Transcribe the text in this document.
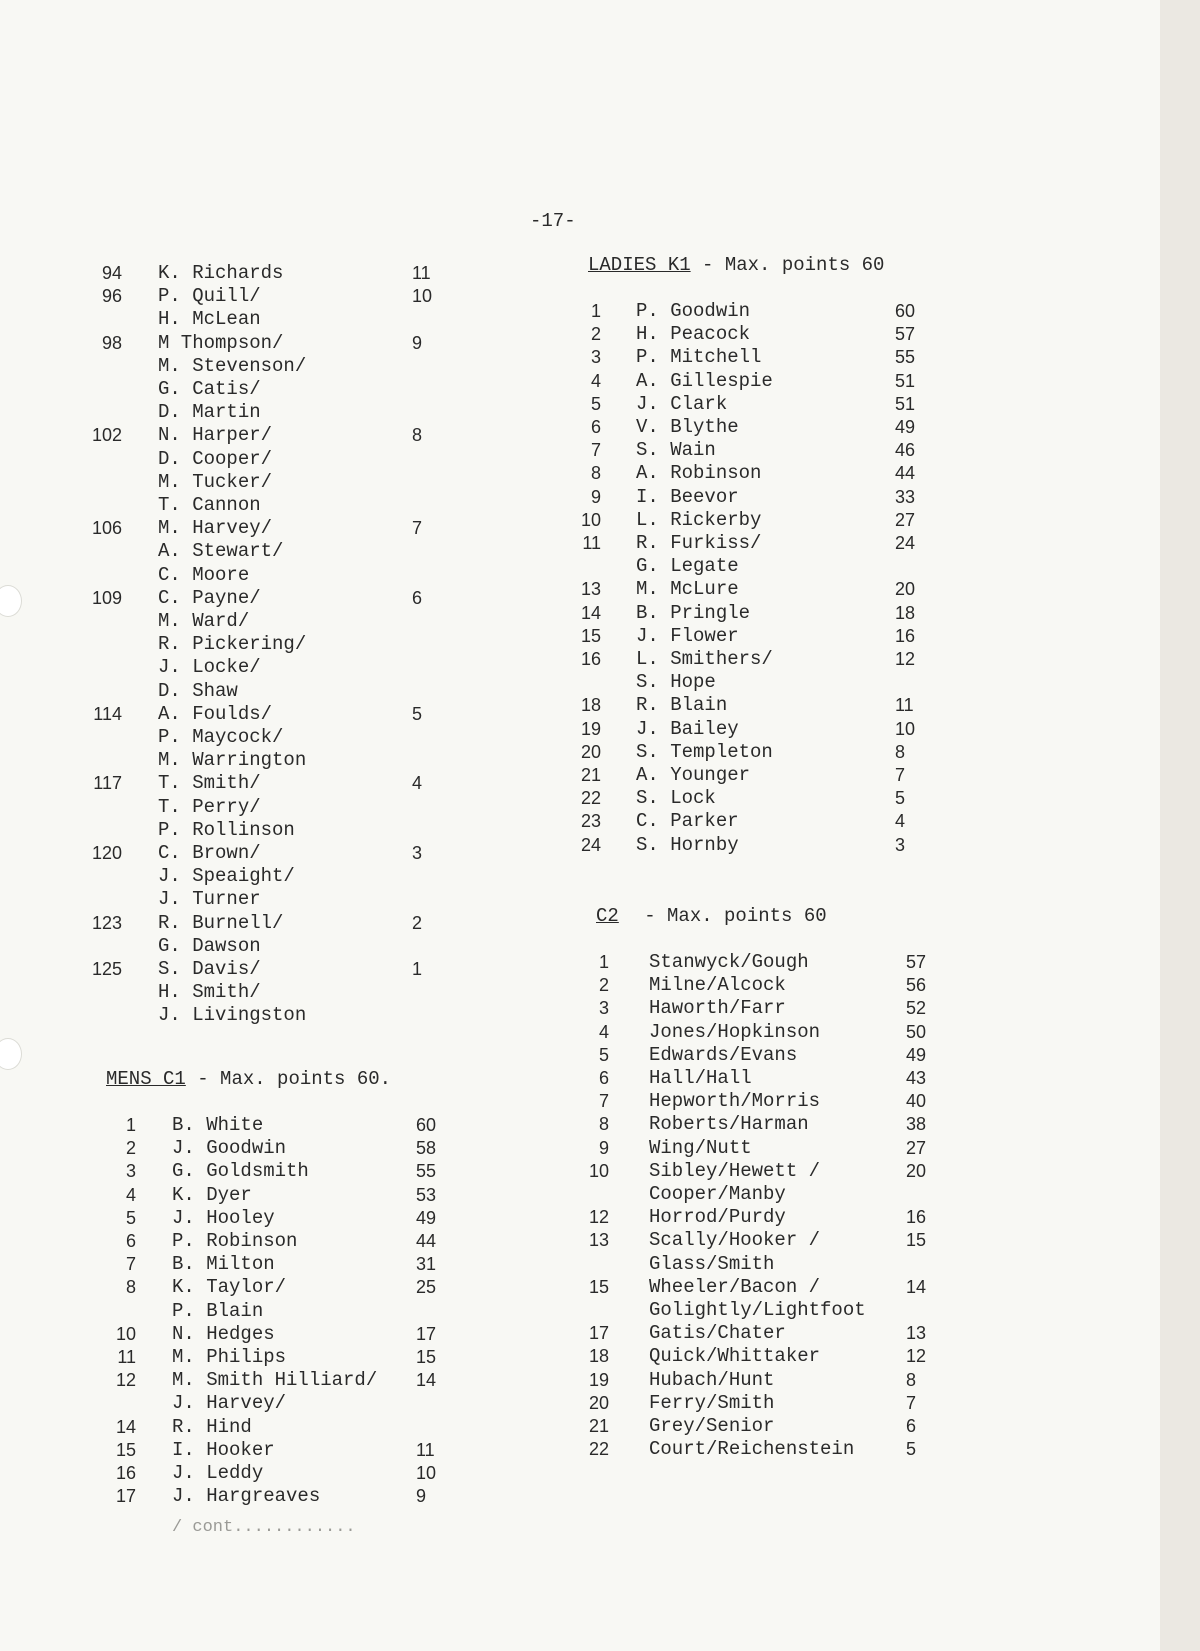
-17-
94 K. Richards	11
96 P. Quill/	10
H. McLean
98 M Thompson/	9
M. Stevenson/
G. Catis/
D. Martin
102 N. Harper/	8
D. Cooper/
M. Tucker/
T. Cannon
106 M. Harvey/	7
A. Stewart/
C. Moore
109 C. Payne/	6
M. Ward/
R. Pickering/
J. Locke/
D. Shaw
114 A. Foulds/	5
P. Maycock/
M. Warrington
117 T. Smith/	4
T. Perry/
P. Rollinson
120 C. Brown/	3
J. Speaight/
J. Turner
123 R. Burnell/	2
G. Dawson
125 S. Davis/	1
H. Smith/
J. Livingston
MENS C1 - Max. points 60.
1 B. White	60
2 J. Goodwin	58
3 G. Goldsmith	55
4 K. Dyer	53
5 J. Hooley	49
6 P. Robinson	44
7 B. Milton	31
8 K. Taylor/	25
P. Blain
10 N. Hedges	17
11 M. Philips	15
12 M. Smith Hilliard/ 14
J. Harvey/
14 R. Hind
15 I. Hooker	11
16 J. Leddy	10
17 J. Hargreaves	9
/ cont............
LADIES K1 - Max. points 60
1 P. Goodwin	60
2 H. Peacock	57
3 P. Mitchell	55
4 A. Gillespie	51
5 J. Clark	51
6 V. Blythe	49
7 S. Wain	46
8 A. Robinson	44
9 I. Beevor	33
10 L. Rickerby	27
11 R. Furkiss/	24
G. Legate
13 M. McLure	20
14 B. Pringle	18
15 J. Flower	16
16 L. Smithers/	12
S. Hope
18 R. Blain	11
19 J. Bailey	10
20 S. Templeton	8
21 A. Younger	7
22 S. Lock	5
23 C. Parker	4
24 S. Hornby	3
C2 - Max. points 60
1 Stanwyck/Gough	57
2 Milne/Alcock	56
3 Haworth/Farr	52
4 Jones/Hopkinson	50
5 Edwards/Evans	49
6 Hall/Hall	43
7 Hepworth/Morris	40
8 Roberts/Harman	38
9 Wing/Nutt	27
10 Sibley/Hewett /	20
Cooper/Manby
12 Horrod/Purdy	16
13 Scally/Hooker /	15
Glass/Smith
15 Wheeler/Bacon /	14
Golightly/Lightfoot
17 Gatis/Chater	13
18 Quick/Whittaker	12
19 Hubach/Hunt	8
20 Ferry/Smith	7
21 Grey/Senior	6
22 Court/Reichenstein	5
